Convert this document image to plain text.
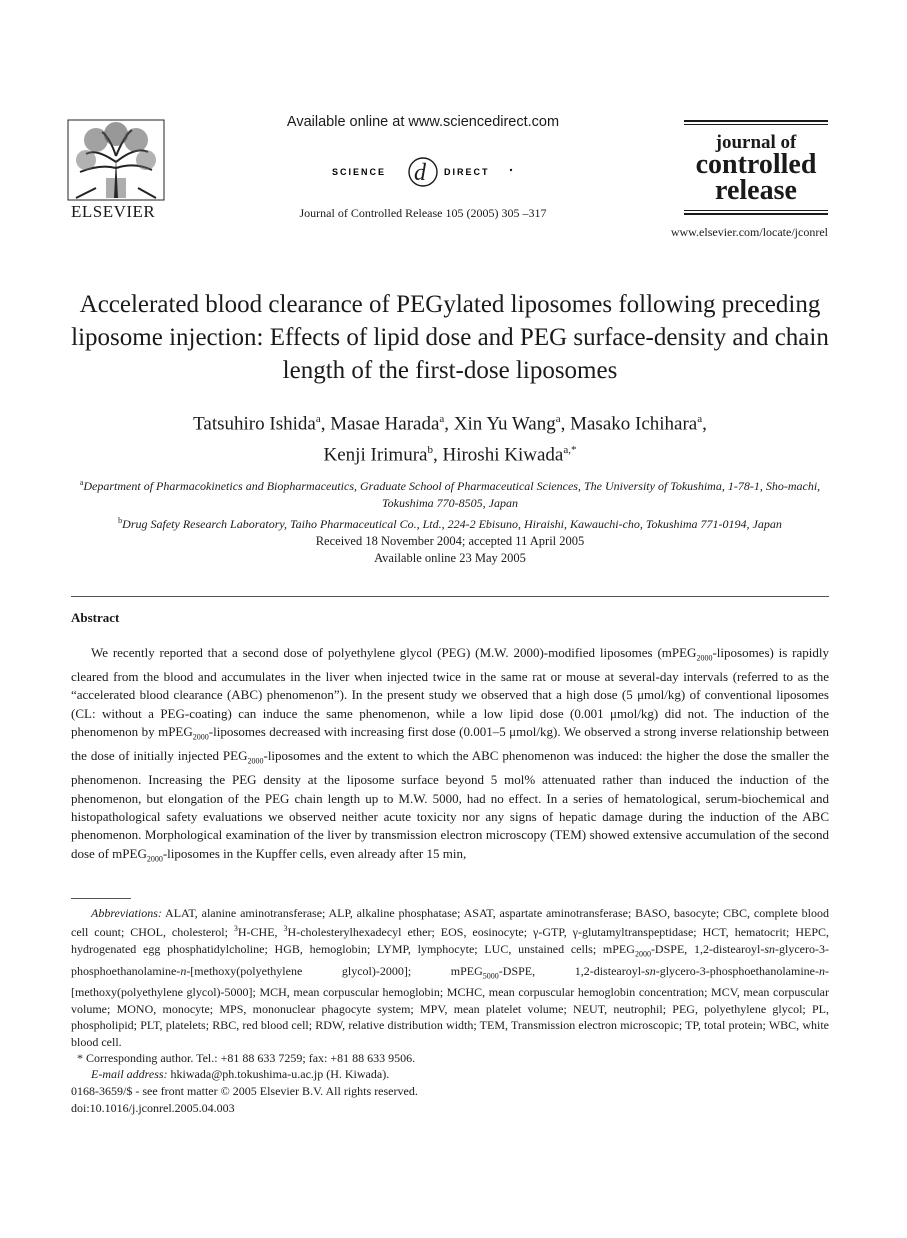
ELSEVIER
Available online at www.sciencedirect.com
SCIENCE d DIRECT
Journal of Controlled Release 105 (2005) 305 –317
journal of
controlled
release
www.elsevier.com/locate/jconrel
Accelerated blood clearance of PEGylated liposomes following preceding liposome injection: Effects of lipid dose and PEG surface-density and chain length of the first-dose liposomes
Tatsuhiro Ishida$^a$, Masae Harada$^a$, Xin Yu Wang$^a$, Masako Ichihara$^a$,
Kenji Irimura$^b$, Hiroshi Kiwada$^{a,*}$
$^a$Department of Pharmacokinetics and Biopharmaceutics, Graduate School of Pharmaceutical Sciences, The University of Tokushima, 1-78-1, Sho-machi, Tokushima 770-8505, Japan
$^b$Drug Safety Research Laboratory, Taiho Pharmaceutical Co., Ltd., 224-2 Ebisuno, Hiraishi, Kawauchi-cho, Tokushima 771-0194, Japan
Received 18 November 2004; accepted 11 April 2005
Available online 23 May 2005
Abstract

We recently reported that a second dose of polyethylene glycol (PEG) (M.W. 2000)-modified liposomes (mPEG$_{2000}$-liposomes) is rapidly cleared from the blood and accumulates in the liver when injected twice in the same rat or mouse at several-day intervals (referred to as the “accelerated blood clearance (ABC) phenomenon”). In the present study we observed that a high dose (5 μmol/kg) of conventional liposomes (CL: without a PEG-coating) can induce the same phenomenon, while a low lipid dose (0.001 μmol/kg) did not. The induction of the phenomenon by mPEG$_{2000}$-liposomes decreased with increasing first dose (0.001–5 μmol/kg). We observed a strong inverse relationship between the dose of initially injected $PEG_{2000}$-liposomes and the extent to which the ABC phenomenon was induced: the higher the dose the smaller the phenomenon. Increasing the PEG density at the liposome surface beyond 5 mol% attenuated rather than induced the induction of the phenomenon, but elongation of the PEG chain length up to M.W. 5000, had no effect. In a series of hematological, serum-biochemical and histopathological safety evaluations we observed neither acute toxicity nor any signs of hepatic damage during the induction of the ABC phenomenon. Morphological examination of the liver by transmission electron microscopy (TEM) showed extensive accumulation of the second dose of mPEG$_{2000}$-liposomes in the Kupffer cells, even already after 15 min,

Abbreviations: ALAT, alanine aminotransferase; ALP, alkaline phosphatase; ASAT, aspartate aminotransferase; BASO, basocyte; CBC, complete blood cell count; CHOL, cholesterol; $^3$H-CHE, $^3$H-cholesterylhexadecyl ether; EOS, eosinocyte; γ-GTP, γ-glutamyltranspeptidase; HCT, hematocrit; HEPC, hydrogenated egg phosphatidylcholine; HGB, hemoglobin; LYMP, lymphocyte; LUC, unstained cells; mPEG$_{2000}$-DSPE, 1,2-distearoyl-sn-glycero-3-phosphoethanolamine-n-[methoxy(polyethylene glycol)-2000]; mPEG$_{5000}$-DSPE, 1,2-distearoyl-sn-glycero-3-phosphoethanolamine-n-[methoxy(polyethylene glycol)-5000]; MCH, mean corpuscular hemoglobin; MCHC, mean corpuscular hemoglobin concentration; MCV, mean corpuscular volume; MONO, monocyte; MPS, mononuclear phagocyte system; MPV, mean platelet volume; NEUT, neutrophil; PEG, polyethylene glycol; PL, phospholipid; PLT, platelets; RBC, red blood cell; RDW, relative distribution width; TEM, Transmission electron microscopic; TP, total protein; WBC, white blood cell.

* Corresponding author. Tel.: +81 88 633 7259; fax: +81 88 633 9506.

E-mail address: hkiwada@ph.tokushima-u.ac.jp (H. Kiwada).

0168-3659/$ - see front matter © 2005 Elsevier B.V. All rights reserved.

doi:10.1016/j.jconrel.2005.04.003
